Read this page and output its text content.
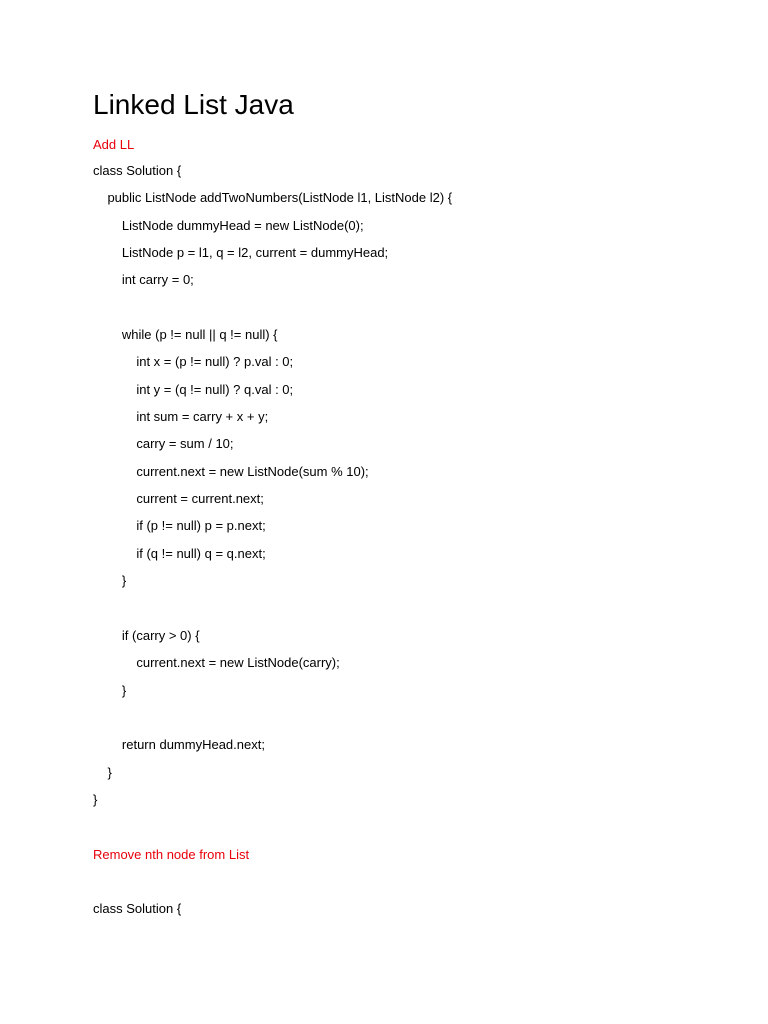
Linked List Java
Add LL
class Solution {
public ListNode addTwoNumbers(ListNode l1, ListNode l2) {
ListNode dummyHead = new ListNode(0);
ListNode p = l1, q = l2, current = dummyHead;
int carry = 0;
while (p != null || q != null) {
int x = (p != null) ? p.val : 0;
int y = (q != null) ? q.val : 0;
int sum = carry + x + y;
carry = sum / 10;
current.next = new ListNode(sum % 10);
current = current.next;
if (p != null) p = p.next;
if (q != null) q = q.next;
}
if (carry > 0) {
current.next = new ListNode(carry);
}
return dummyHead.next;
}
}
Remove nth node from List
class Solution {
